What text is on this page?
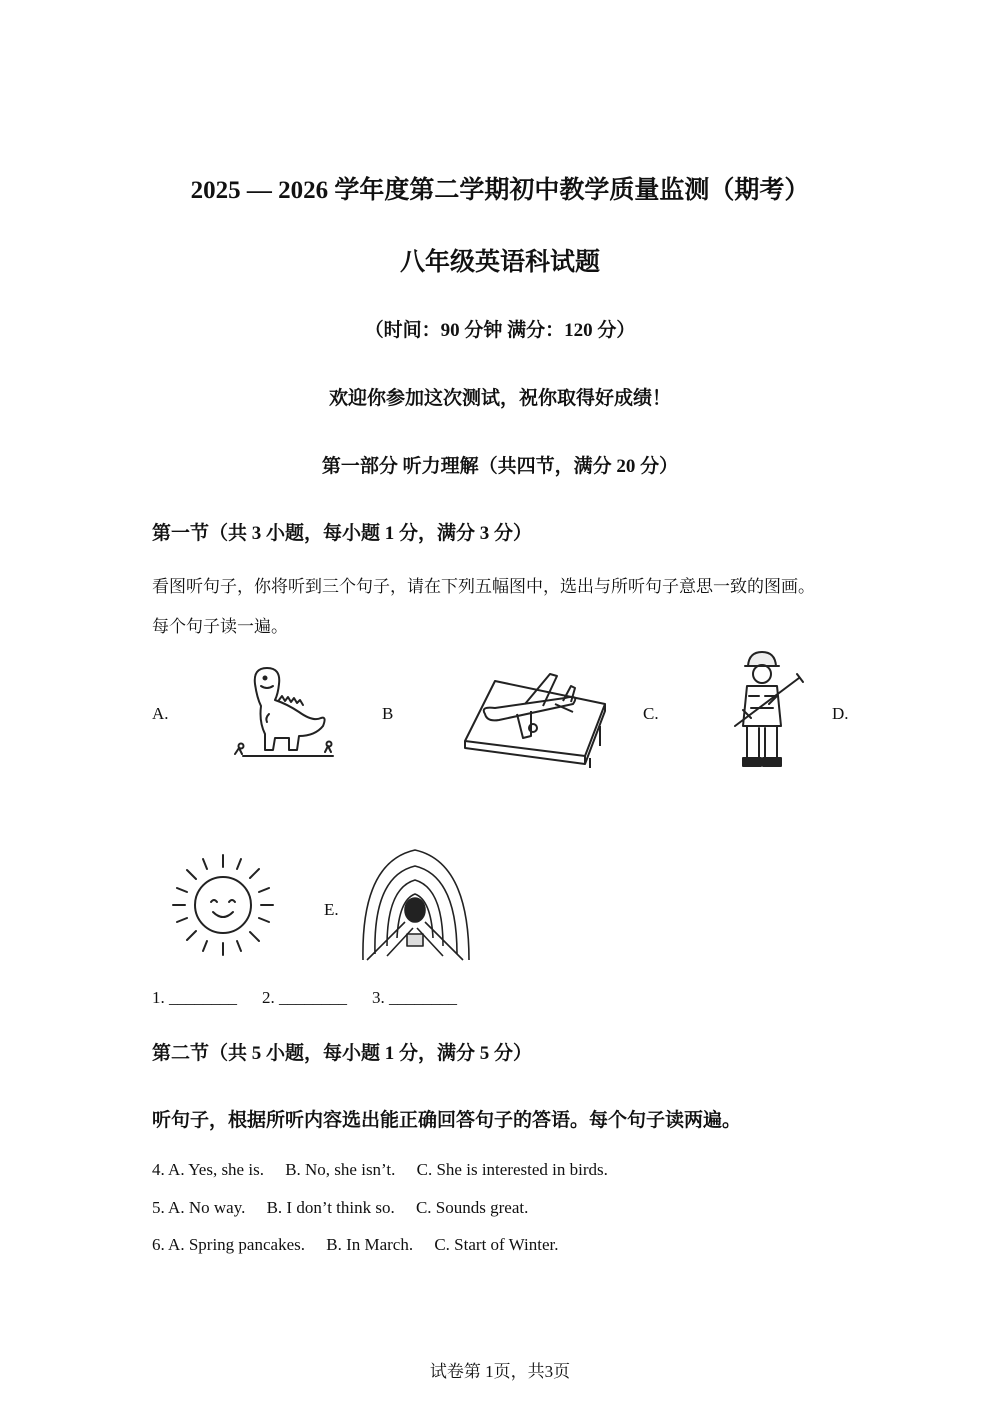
2025 — 2026 学年度第二学期初中教学质量监测（期考）
八年级英语科试题
（时间：90 分钟 满分：120 分）
欢迎你参加这次测试，祝你取得好成绩！
第一部分 听力理解（共四节，满分 20 分）
第一节（共 3 小题，每小题 1 分，满分 3 分）
看图听句子，你将听到三个句子，请在下列五幅图中，选出与所听句子意思一致的图画。
每个句子读一遍。
A.	B	C.	D.
E.
1. ________ 2. ________ 3. ________
第二节（共 5 小题，每小题 1 分，满分 5 分）
听句子，根据所听内容选出能正确回答句子的答语。每个句子读两遍。
4. A. Yes, she is.     B. No, she isn’t.     C. She is interested in birds.
5. A. No way.     B. I don’t think so.     C. Sounds great.
6. A. Spring pancakes.     B. In March.     C. Start of Winter.
试卷第 1页，共3页
